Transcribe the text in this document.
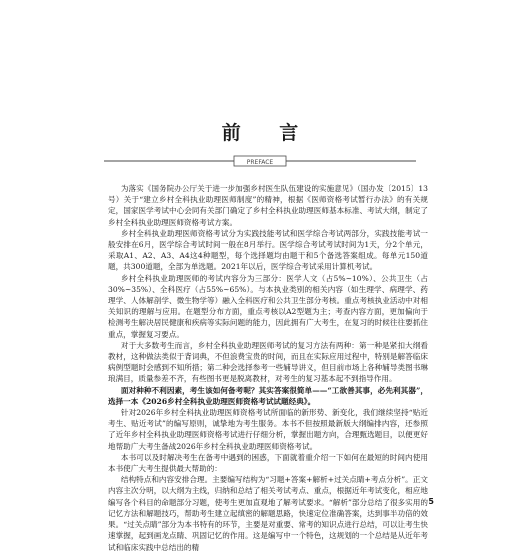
前 言
PREFACE

为落实《国务院办公厅关于进一步加强乡村医生队伍建设的实施意见》（国办发〔2015〕13号）关于“建立乡村全科执业助理医师制度”的精神，根据《医师资格考试暂行办法》的有关规定，国家医学考试中心会同有关部门确定了乡村全科执业助理医师基本标准、考试大纲，制定了乡村全科执业助理医师资格考试方案。

乡村全科执业助理医师资格考试分为实践技能考试和医学综合考试两部分，实践技能考试一般安排在6月，医学综合考试时间一般在8月举行。医学综合考试考试时间为1天，分2个单元，采取A1、A2、A3、A4这4种题型，每个选择题均由题干和5个备选答案组成。每单元150道题，共300道题，全部为单选题。2021年以后，医学综合考试采用计算机考试。

乡村全科执业助理医师的考试内容分为三部分：医学人文（占5%~10%）、公共卫生（占30%~35%）、全科医疗（占55%~65%）。与本执业类别的相关内容（如生理学、病理学、药理学、人体解剖学、微生物学等）融入全科医疗和公共卫生部分考核。重点考核执业活动中对相关知识的理解与应用。在题型分布方面，重点考核以A2型题为主；考查内容方面，更加偏向于检测考生解决居民健康和疾病等实际问题的能力，因此拥有广大考生，在复习的时候往往要抓住重点，掌握复习要点。

对于大多数考生而言，乡村全科执业助理医师考试的复习方法有两种：第一种是紧扣大纲看教材，这种做法类似于背词典，不但浪费宝贵的时间，而且在实际应用过程中，特别是解答临床病例型题时会感到不知所措；第二种会选择参考一些辅导讲义，但目前市场上各种辅导类图书琳琅满目，质量参差不齐，有些图书更是脱离教材，对考生的复习基本起不到指导作用。

面对种种不利因素，考生该如何备考呢？其实答案很简单——“工欲善其事，必先利其器”，选择一本《2026乡村全科执业助理医师资格考试试题经典》。

针对2026年乡村全科执业助理医师资格考试所面临的新形势、新变化，我们继续坚持“贴近考生、贴近考试”的编写原则，诚挚地为考生服务。本书不但按照最新版大纲编排内容，还参照了近年乡村全科执业助理医师资格考试进行仔细分析，掌握出题方向，合理甄选题目，以便更好地帮助广大考生备战2026年乡村全科执业助理医师资格考试。

本书可以及时解决考生在备考中遇到的困惑，下面就着重介绍一下如何在最短的时间内使用本书使广大考生提供最大帮助的：

结构特点和内容安排合理。主要编写结构为“习题+答案+解析+过关点睛+考点分析”。正文内容主次分明，以大纲为主线，归纳和总结了相关考试考点、重点，根据近年考试变化，相应地编写各个科目的命题部分习题，使考生更加直观地了解考试要求。“解析”部分总结了很多实用的记忆方法和解题技巧，帮助考生建立起缜密的解题思路，快速定位准确答案，达到事半功倍的效果。“过关点睛”部分为本书特有的环节，主要是对重要、常考的知识点进行总结，可以让考生快速掌握，起到画龙点睛、巩固记忆的作用。这是编写中一个特色，这规划的一个总结是从近年考试和临床实践中总结出的精

5
